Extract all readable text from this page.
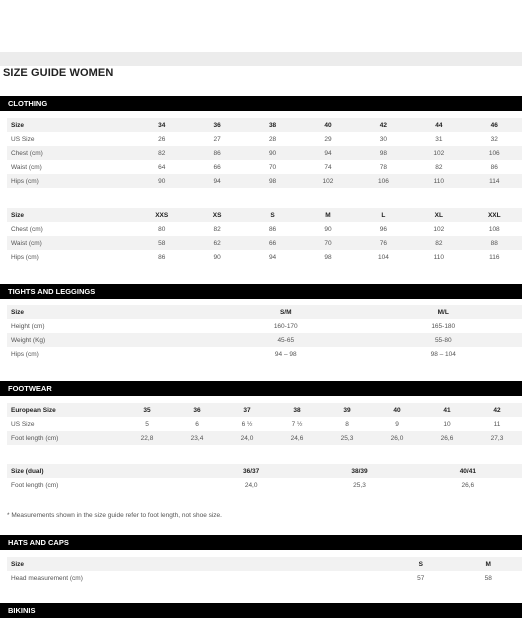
SIZE GUIDE WOMEN
CLOTHING
Size	34	36	38	40	42	44	46
US Size	26	27	28	29	30	31	32
Chest (cm)	82	86	90	94	98	102	106
Waist (cm)	64	66	70	74	78	82	86
Hips (cm)	90	94	98	102	106	110	114
Size	XXS	XS	S	M	L	XL	XXL
Chest (cm)	80	82	86	90	96	102	108
Waist (cm)	58	62	66	70	76	82	88
Hips (cm)	86	90	94	98	104	110	116
TIGHTS AND LEGGINGS
Size	S/M	M/L
Height (cm)	160-170	165-180
Weight (Kg)	45-65	55-80
Hips (cm)	94 – 98	98 – 104
FOOTWEAR
European Size	35	36	37	38	39	40	41	42
US Size	5	6	6 ½	7 ½	8	9	10	11
Foot length (cm)	22,8	23,4	24,0	24,6	25,3	26,0	26,6	27,3
Size (dual)	36/37	38/39	40/41
Foot length (cm)	24,0	25,3	26,6
* Measurements shown in the size guide refer to foot length, not shoe size.
HATS AND CAPS
Size	S	M
Head measurement (cm)	57	58
BIKINIS
